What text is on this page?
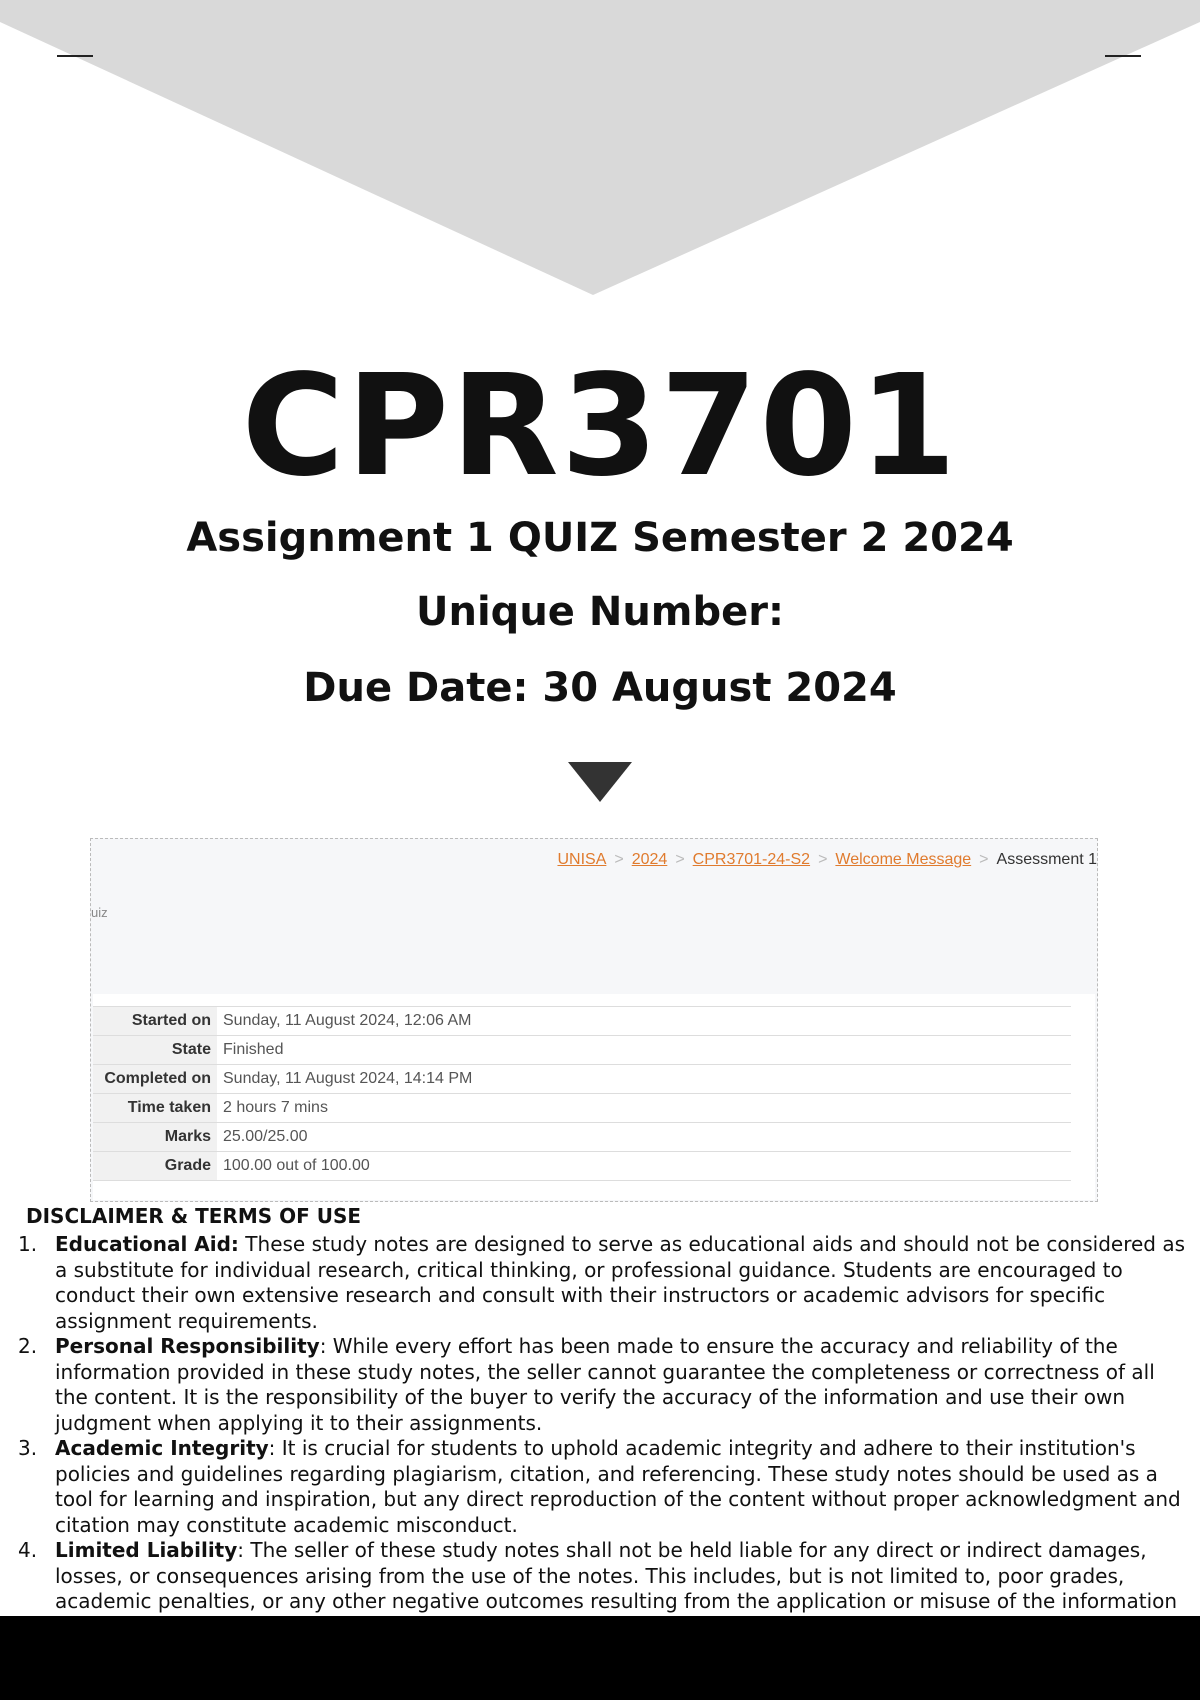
CPR3701
Assignment 1 QUIZ Semester 2 2024
Unique Number:
Due Date: 30 August 2024
UNISA > 2024 > CPR3701-24-S2 > Welcome Message > Assessment 1
uiz
Started on	Sunday, 11 August 2024, 12:06 AM
State	Finished
Completed on	Sunday, 11 August 2024, 14:14 PM
Time taken	2 hours 7 mins
Marks	25.00/25.00
Grade	100.00 out of 100.00
DISCLAIMER & TERMS OF USE
1. Educational Aid: These study notes are designed to serve as educational aids and should not be considered as a substitute for individual research, critical thinking, or professional guidance. Students are encouraged to conduct their own extensive research and consult with their instructors or academic advisors for specific assignment requirements.
2. Personal Responsibility: While every effort has been made to ensure the accuracy and reliability of the information provided in these study notes, the seller cannot guarantee the completeness or correctness of all the content. It is the responsibility of the buyer to verify the accuracy of the information and use their own judgment when applying it to their assignments.
3. Academic Integrity: It is crucial for students to uphold academic integrity and adhere to their institution's policies and guidelines regarding plagiarism, citation, and referencing. These study notes should be used as a tool for learning and inspiration, but any direct reproduction of the content without proper acknowledgment and citation may constitute academic misconduct.
4. Limited Liability: The seller of these study notes shall not be held liable for any direct or indirect damages, losses, or consequences arising from the use of the notes. This includes, but is not limited to, poor grades, academic penalties, or any other negative outcomes resulting from the application or misuse of the information
